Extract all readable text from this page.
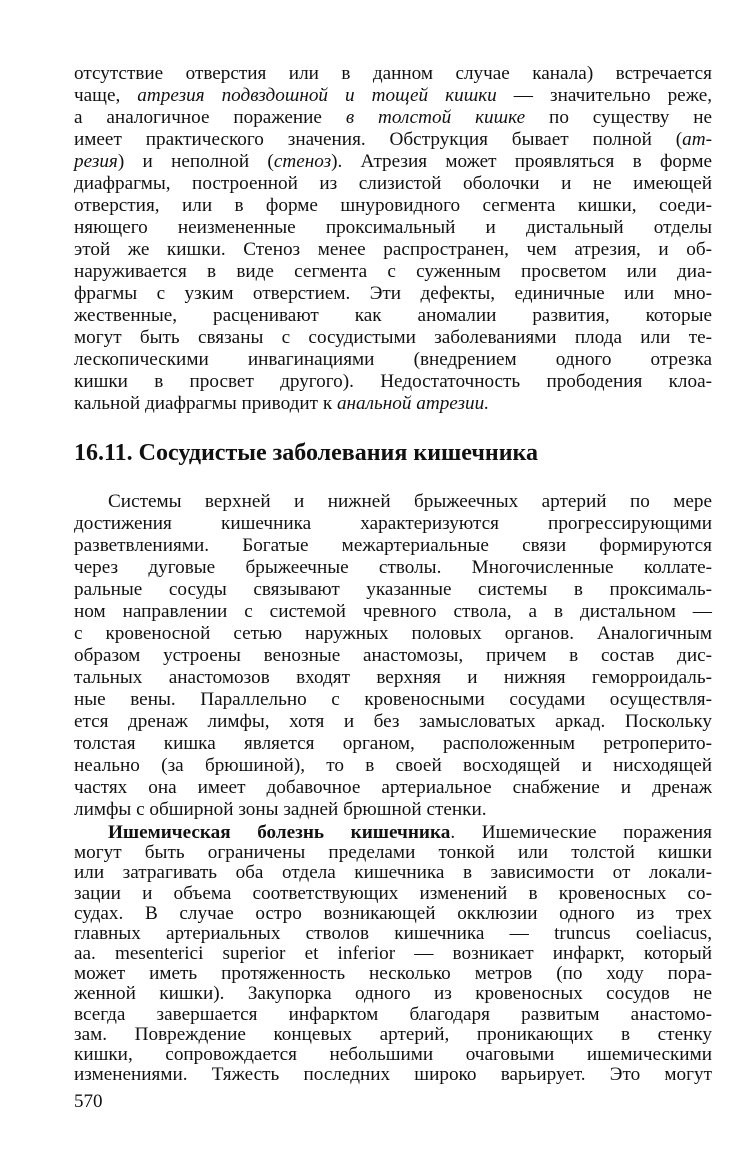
отсутствие отверстия или в данном случае канала) встречается
чаще, атрезия подвздошной и тощей кишки — значительно реже,
а аналогичное поражение в толстой кишке по существу не
имеет практического значения. Обструкция бывает полной (ат-
резия) и неполной (стеноз). Атрезия может проявляться в форме
диафрагмы, построенной из слизистой оболочки и не имеющей
отверстия, или в форме шнуровидного сегмента кишки, соеди-
няющего неизмененные проксимальный и дистальный отделы
этой же кишки. Стеноз менее распространен, чем атрезия, и об-
наруживается в виде сегмента с суженным просветом или диа-
фрагмы с узким отверстием. Эти дефекты, единичные или мно-
жественные, расценивают как аномалии развития, которые
могут быть связаны с сосудистыми заболеваниями плода или те-
лескопическими инвагинациями (внедрением одного отрезка
кишки в просвет другого). Недостаточность прободения клоа-
кальной диафрагмы приводит к анальной атрезии.
16.11. Сосудистые заболевания кишечника
Системы верхней и нижней брыжеечных артерий по мере
достижения кишечника характеризуются прогрессирующими
разветвлениями. Богатые межартериальные связи формируются
через дуговые брыжеечные стволы. Многочисленные коллате-
ральные сосуды связывают указанные системы в проксималь-
ном направлении с системой чревного ствола, а в дистальном —
с кровеносной сетью наружных половых органов. Аналогичным
образом устроены венозные анастомозы, причем в состав дис-
тальных анастомозов входят верхняя и нижняя геморроидаль-
ные вены. Параллельно с кровеносными сосудами осуществля-
ется дренаж лимфы, хотя и без замысловатых аркад. Поскольку
толстая кишка является органом, расположенным ретроперито-
неально (за брюшиной), то в своей восходящей и нисходящей
частях она имеет добавочное артериальное снабжение и дренаж
лимфы с обширной зоны задней брюшной стенки.
Ишемическая болезнь кишечника. Ишемические поражения
могут быть ограничены пределами тонкой или толстой кишки
или затрагивать оба отдела кишечника в зависимости от локали-
зации и объема соответствующих изменений в кровеносных со-
судах. В случае остро возникающей окклюзии одного из трех
главных артериальных стволов кишечника — truncus coeliacus,
aa. mesenterici superior et inferior — возникает инфаркт, который
может иметь протяженность несколько метров (по ходу пора-
женной кишки). Закупорка одного из кровеносных сосудов не
всегда завершается инфарктом благодаря развитым анастомо-
зам. Повреждение концевых артерий, проникающих в стенку
кишки, сопровождается небольшими очаговыми ишемическими
570
изменениями. Тяжесть последних широко варьирует. Это могут
